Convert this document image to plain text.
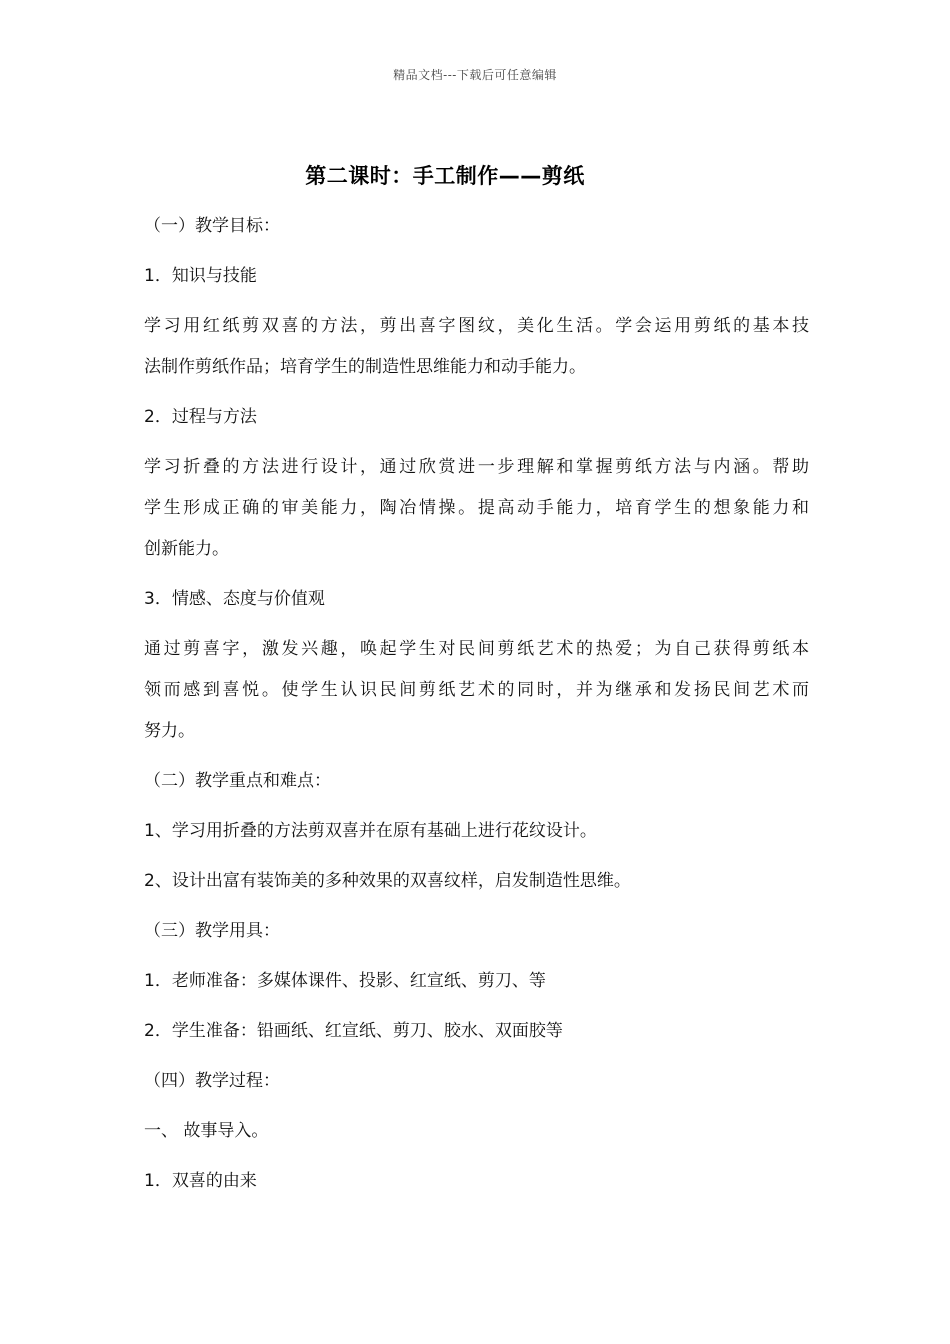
精品文档---下载后可任意编辑
第二课时：手工制作——剪纸
（一）教学目标：
1．知识与技能
学习用红纸剪双喜的方法，剪出喜字图纹，美化生活。学会运用剪纸的基本技
法制作剪纸作品；培育学生的制造性思维能力和动手能力。
2．过程与方法
学习折叠的方法进行设计，通过欣赏进一步理解和掌握剪纸方法与内涵。帮助
学生形成正确的审美能力，陶冶情操。提高动手能力，培育学生的想象能力和
创新能力。
3．情感、态度与价值观
通过剪喜字，激发兴趣，唤起学生对民间剪纸艺术的热爱；为自己获得剪纸本
领而感到喜悦。使学生认识民间剪纸艺术的同时，并为继承和发扬民间艺术而
努力。
（二）教学重点和难点：
1、学习用折叠的方法剪双喜并在原有基础上进行花纹设计。
2、设计出富有装饰美的多种效果的双喜纹样，启发制造性思维。
（三）教学用具：
1．老师准备：多媒体课件、投影、红宣纸、剪刀、等
2．学生准备：铅画纸、红宣纸、剪刀、胶水、双面胶等
（四）教学过程：
一、 故事导入。
1．双喜的由来
